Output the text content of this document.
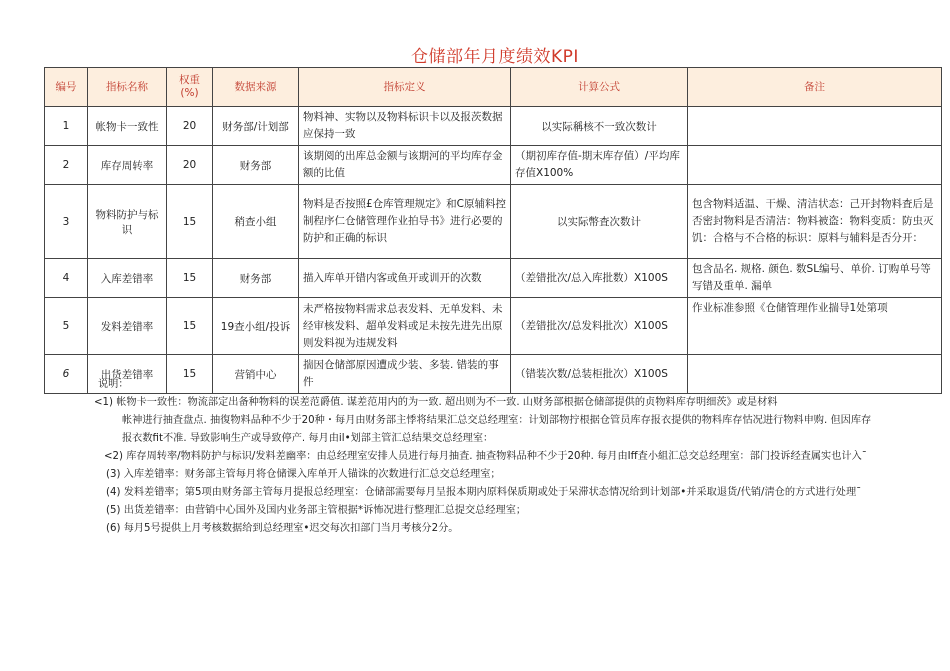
仓储部年月度绩效KPI
编号	指标名称	权重(%)	数据来源	指标定义	计算公式	备注
1	帐物卡一致性	20	财务部/计划部	物料神、实物以及物料标识卡以及报茨数据应保持一致	以实际稱核不一致次数计	
2	库存周转率	20	财务部	该期阅的出库总金额与该期河的平均库存金额的比值	（期初库存值-期末库存值）/平均库存值X100%	
3	物料防护与标识	15	稍查小组	物料是否按照£仓库管理规定》和C原辅料控制程序仁仓储管理作业拍导书》进行必要的防护和正确的标识	以实际幣査次数计	包含物料适温、干燥、清洁状态：己开封物料査后是否密封物料是否清洁：物料被盗：物料变质：防虫灭饥：合格与不合格的标识：原料与辅料是否分开：
4	入库差错率	15	财务部	描入库单开错内客或鱼开或训开的次数	（差错批次/总入库批数）X100S	包含品名. 规格. 颜色. 数SL编号、单价. 订购单号等写错及重单. 漏单
5	发料差错率	15	19查小组/投诉	未严格按物料需求总表发料、无单发料、未经审核发料、超单发料或足未按先进先出原则发料视为违规发料	（差错批次/总发料批次）X100S	作业标准参照《仓储管理作业揣导1处第项
6	出货差错率	15	营销中心	揣因仓储部原因遭成少装、多装. 错装的事件	（错装次数/总装柜批次）X100S	
说明：
<1) 帐物卡一致性：物流部定出备种物料的误差范爵值. 谋差范用内的为一致. 超出则为不一致. 山财务部根据仓储部提供的贞物料库存明细茨》或是材料
帐神进行抽査盘点. 抽復物料品种不少于20种・每月由财务部主悸将结果汇总交总经理室：计划部物拧根据仓管员库存报衣提供的物料库存怙况进行物料申购. 但因库存
报衣数fit不准. 导致影响生产或导致停产. 每月由il•划部主管汇总结果交总经理室：
<2) 库存周转率/物料防护与标识/发料差幽率：由总经理室安排人员进行每月抽査. 抽查物料品种不少于20种. 每月由Iff査小組汇总交总经理室：部门投诉经査属实也计入ˉ
(3) 入库差错率：财务部主管每月将仓储课入库单开人锚诛的次数进行汇总交总经理室；
(4) 发料差错率；第5项由财务部主管每月提报总经理室：仓储部需要每月呈报本期内原料保质期或处于呆滞状态情况给到计划部•并采取退货/代销/淸仓的方式进行处理ˉ
(5) 出货差错率：由营销中心国外及国内业务部主管根据*诉怖况进行整理汇总提交总经理室；
(6) 每月5号提供上月考核数据给到总经理室•迟交每次扣部门当月考核分2分。
